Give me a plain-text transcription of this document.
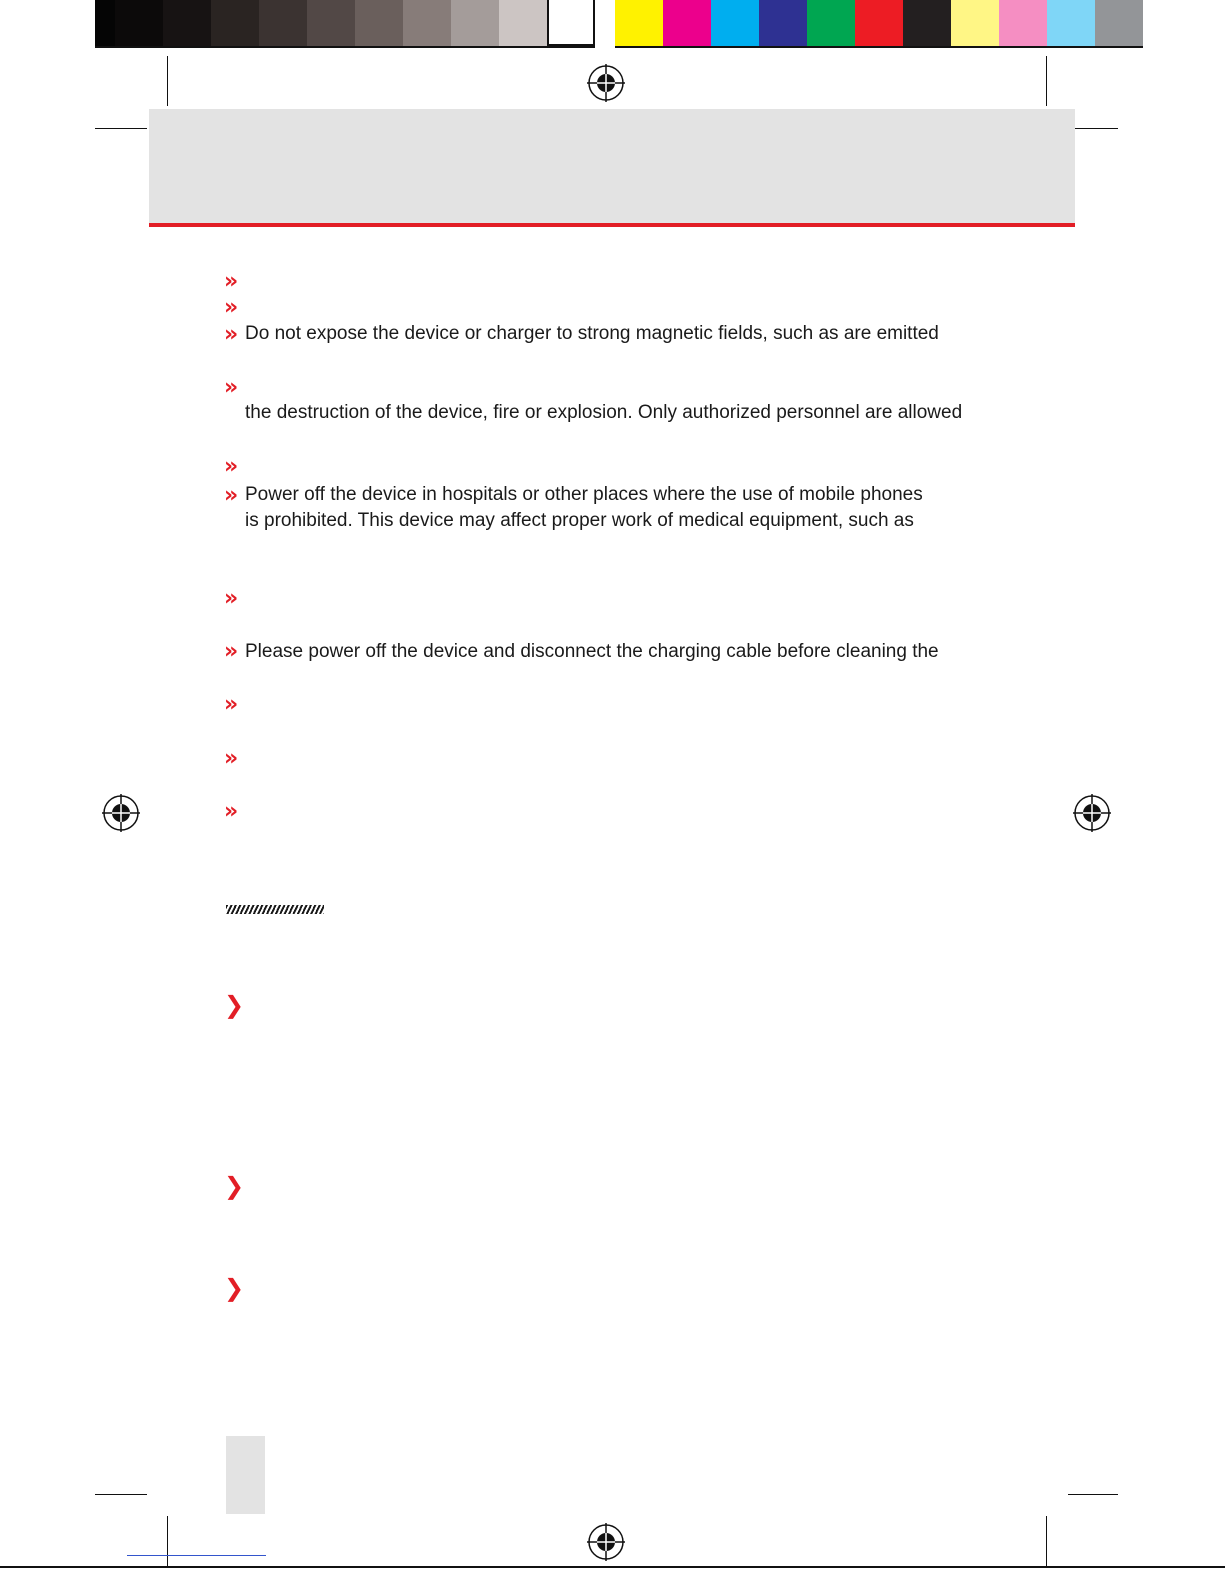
»
»
»
»
»
»
»
»
»
»
»
Do not expose the device or charger to strong magnetic fields, such as are emitted
the destruction of the device, fire or explosion. Only authorized personnel are allowed
Power off the device in hospitals or other places where the use of mobile phones
is prohibited. This device may affect proper work of medical equipment, such as
Please power off the device and disconnect the charging cable before cleaning the
❯
❯
❯
